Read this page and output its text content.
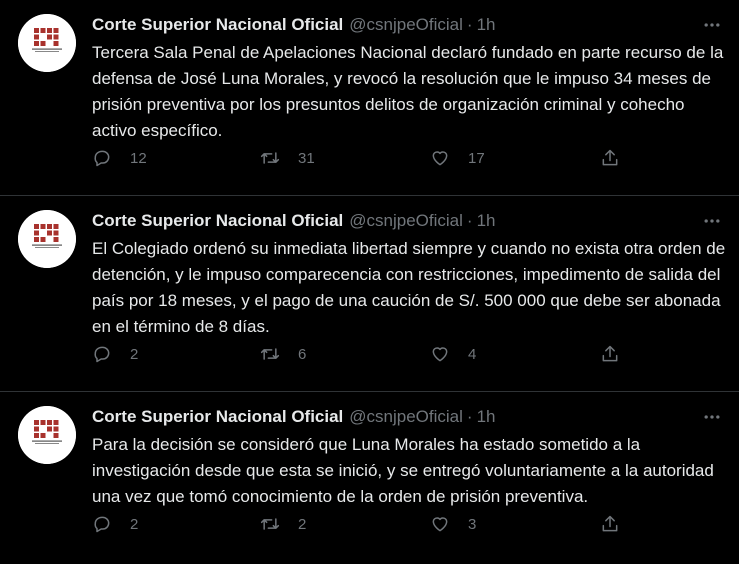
Corte Superior Nacional Oficial @csnjpeOficial · 1h
Tercera Sala Penal de Apelaciones Nacional declaró fundado en parte recurso de la defensa de José Luna Morales, y revocó la resolución que le impuso 34 meses de prisión preventiva por los presuntos delitos de organización criminal y cohecho activo específico.
12	31	17
Corte Superior Nacional Oficial @csnjpeOficial · 1h
El Colegiado ordenó su inmediata libertad siempre y cuando no exista otra orden de detención, y le impuso comparecencia con restricciones, impedimento de salida del país por 18 meses, y el pago de una caución de S/. 500 000 que debe ser abonada en el término de 8 días.
2	6	4
Corte Superior Nacional Oficial @csnjpeOficial · 1h
Para la decisión se consideró que Luna Morales ha estado sometido a la investigación desde que esta se inició, y se entregó voluntariamente a la autoridad una vez que tomó conocimiento de la orden de prisión preventiva.
2	2	3
